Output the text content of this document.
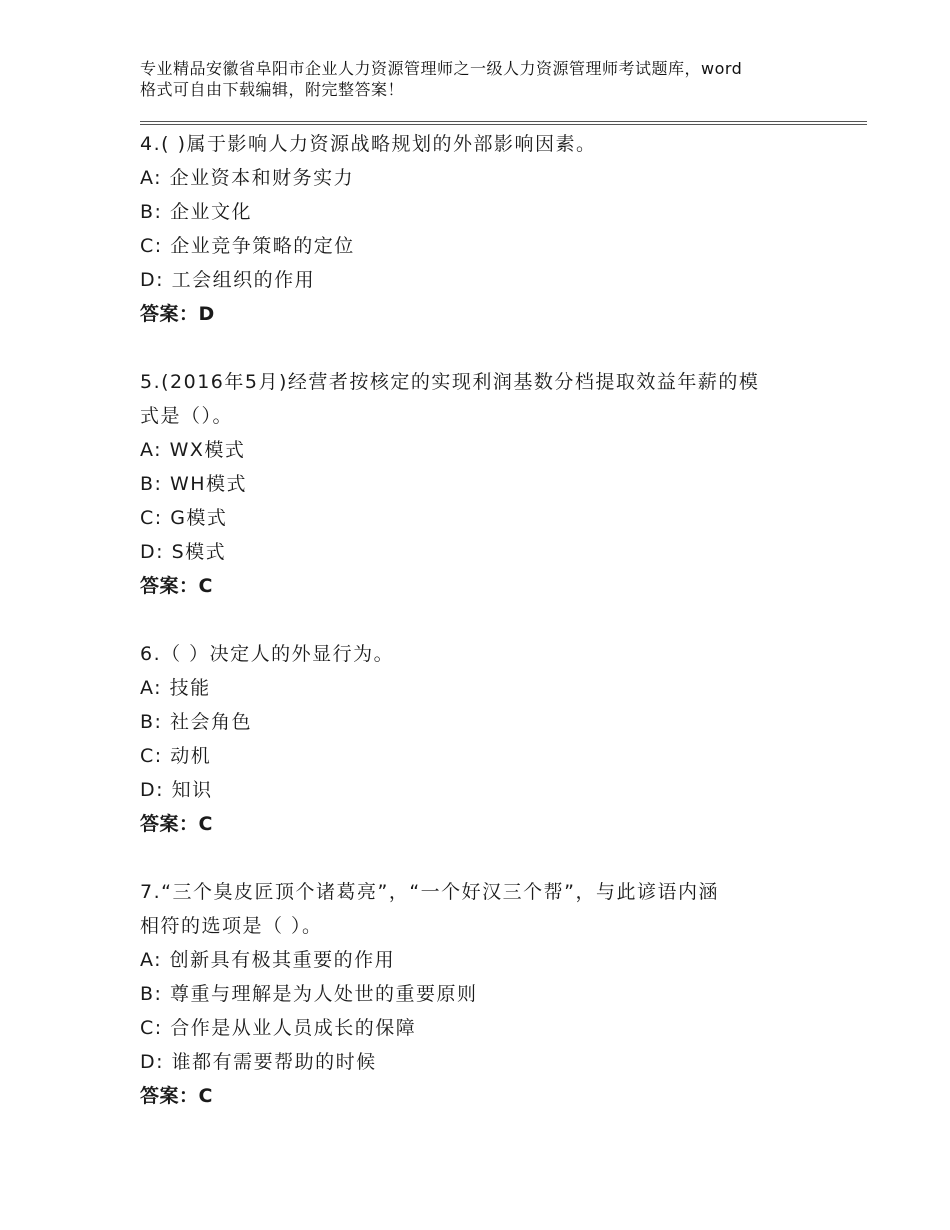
专业精品安徽省阜阳市企业人力资源管理师之一级人力资源管理师考试题库，word
格式可自由下载编辑，附完整答案！
4.( )属于影响人力资源战略规划的外部影响因素。
A: 企业资本和财务实力
B: 企业文化
C: 企业竞争策略的定位
D: 工会组织的作用
答案：D
5.(2016年5月)经营者按核定的实现利润基数分档提取效益年薪的模
式是（）。
A: WX模式
B: WH模式
C: G模式
D: S模式
答案：C
6.（ ）决定人的外显行为。
A: 技能
B: 社会角色
C: 动机
D: 知识
答案：C
7.“三个臭皮匠顶个诸葛亮”，“一个好汉三个帮”，与此谚语内涵
相符的选项是（ ）。
A: 创新具有极其重要的作用
B: 尊重与理解是为人处世的重要原则
C: 合作是从业人员成长的保障
D: 谁都有需要帮助的时候
答案：C
